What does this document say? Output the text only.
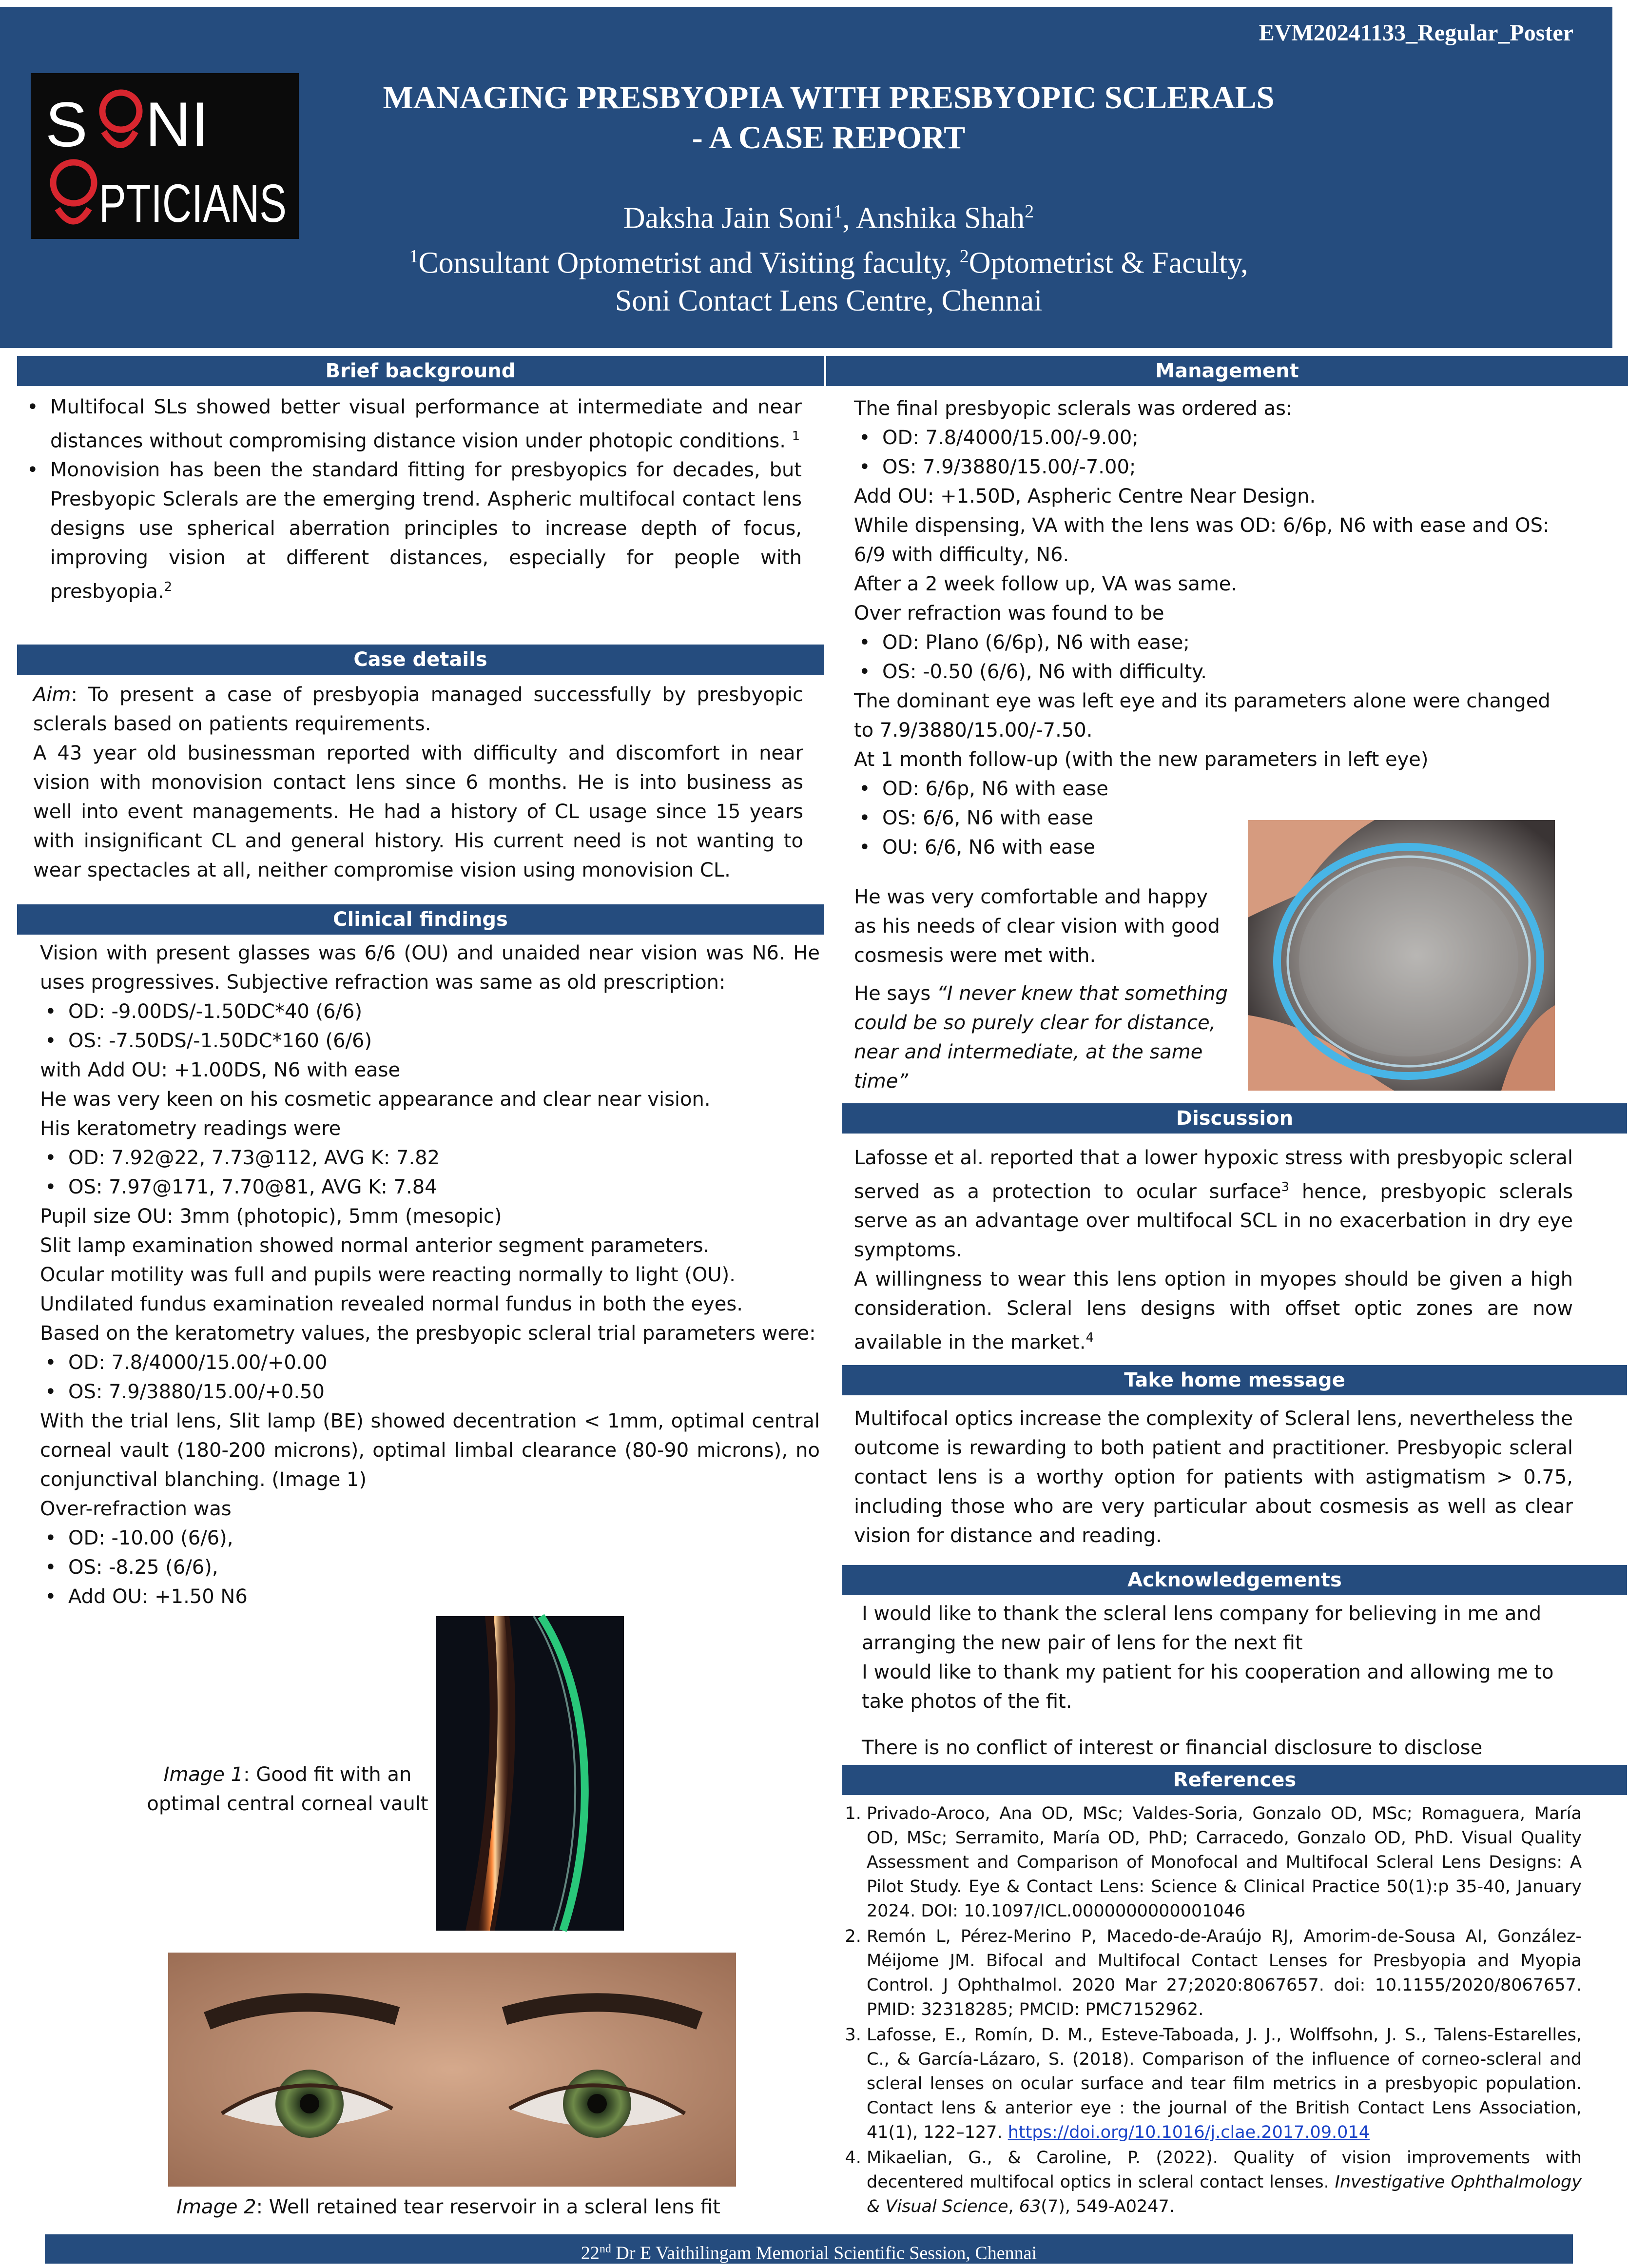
EVM20241133_Regular_Poster
S NI
PTICIANS
MANAGING PRESBYOPIA WITH PRESBYOPIC SCLERALS
- A CASE REPORT
Daksha Jain Soni$^1$, Anshika Shah$^2$
$^1$Consultant Optometrist and Visiting faculty, $^2$Optometrist & Faculty,
Soni Contact Lens Centre, Chennai
Brief background
• Multifocal SLs showed better visual performance at intermediate and near distances without compromising distance vision under photopic conditions. $^1$
• Monovision has been the standard fitting for presbyopics for decades, but Presbyopic Sclerals are the emerging trend. Aspheric multifocal contact lens designs use spherical aberration principles to increase depth of focus, improving vision at different distances, especially for people with presbyopia.$^2$
Case details

Aim: To present a case of presbyopia managed successfully by presbyopic sclerals based on patients requirements.

A 43 year old businessman reported with difficulty and discomfort in near vision with monovision contact lens since 6 months. He is into business as well into event managements. He had a history of CL usage since 15 years with insignificant CL and general history. His current need is not wanting to wear spectacles at all, neither compromise vision using monovision CL.

Clinical findings

Vision with present glasses was 6/6 (OU) and unaided near vision was N6. He uses progressives. Subjective refraction was same as old prescription:

• OD: -9.00DS/-1.50DC*40 (6/6)
• OS: -7.50DS/-1.50DC*160 (6/6)

with Add OU: +1.00DS, N6 with ease

He was very keen on his cosmetic appearance and clear near vision.

His keratometry readings were

• OD: 7.92@22, 7.73@112, AVG K: 7.82
• OS: 7.97@171, 7.70@81, AVG K: 7.84

Pupil size OU: 3mm (photopic), 5mm (mesopic)

Slit lamp examination showed normal anterior segment parameters.

Ocular motility was full and pupils were reacting normally to light (OU).

Undilated fundus examination revealed normal fundus in both the eyes.

Based on the keratometry values, the presbyopic scleral trial parameters were:

• OD: 7.8/4000/15.00/+0.00
• OS: 7.9/3880/15.00/+0.50

With the trial lens, Slit lamp (BE) showed decentration < 1mm, optimal central corneal vault (180-200 microns), optimal limbal clearance (80-90 microns), no conjunctival blanching. (Image 1)

Over-refraction was

• OD: -10.00 (6/6),
• OS: -8.25 (6/6),
• Add OU: +1.50 N6
Image 1: Good fit with an
optimal central corneal vault
Image 2: Well retained tear reservoir in a scleral lens fit
Management

The final presbyopic sclerals was ordered as:

• OD: 7.8/4000/15.00/-9.00;
• OS: 7.9/3880/15.00/-7.00;

Add OU: +1.50D, Aspheric Centre Near Design.

While dispensing, VA with the lens was OD: 6/6p, N6 with ease and OS: 6/9 with difficulty, N6.

After a 2 week follow up, VA was same.

Over refraction was found to be

• OD: Plano (6/6p), N6 with ease;
• OS: -0.50 (6/6), N6 with difficulty.

The dominant eye was left eye and its parameters alone were changed to 7.9/3880/15.00/-7.50.

At 1 month follow-up (with the new parameters in left eye)

• OD: 6/6p, N6 with ease
• OS: 6/6, N6 with ease
• OU: 6/6, N6 with ease

He was very comfortable and happy as his needs of clear vision with good cosmesis were met with.

He says “I never knew that something could be so purely clear for distance, near and intermediate, at the same time”

Discussion

Lafosse et al. reported that a lower hypoxic stress with presbyopic scleral served as a protection to ocular surface$^3$ hence, presbyopic sclerals serve as an advantage over multifocal SCL in no exacerbation in dry eye symptoms.

A willingness to wear this lens option in myopes should be given a high consideration. Scleral lens designs with offset optic zones are now available in the market.$^4$

Take home message

Multifocal optics increase the complexity of Scleral lens, nevertheless the outcome is rewarding to both patient and practitioner. Presbyopic scleral contact lens is a worthy option for patients with astigmatism > 0.75, including those who are very particular about cosmesis as well as clear vision for distance and reading.

Acknowledgements

I would like to thank the scleral lens company for believing in me and arranging the new pair of lens for the next fit

I would like to thank my patient for his cooperation and allowing me to take photos of the fit.

There is no conflict of interest or financial disclosure to disclose

References
1. Privado-Aroco, Ana OD, MSc; Valdes-Soria, Gonzalo OD, MSc; Romaguera, María OD, MSc; Serramito, María OD, PhD; Carracedo, Gonzalo OD, PhD. Visual Quality Assessment and Comparison of Monofocal and Multifocal Scleral Lens Designs: A Pilot Study. Eye & Contact Lens: Science & Clinical Practice 50(1):p 35-40, January 2024. DOI: 10.1097/ICL.0000000000001046
2. Remón L, Pérez-Merino P, Macedo-de-Araújo RJ, Amorim-de-Sousa AI, González-Méijome JM. Bifocal and Multifocal Contact Lenses for Presbyopia and Myopia Control. J Ophthalmol. 2020 Mar 27;2020:8067657. doi: 10.1155/2020/8067657. PMID: 32318285; PMCID: PMC7152962.
3. Lafosse, E., Romín, D. M., Esteve-Taboada, J. J., Wolffsohn, J. S., Talens-Estarelles, C., & García-Lázaro, S. (2018). Comparison of the influence of corneo-scleral and scleral lenses on ocular surface and tear film metrics in a presbyopic population. Contact lens & anterior eye : the journal of the British Contact Lens Association, 41(1), 122–127. https://doi.org/10.1016/j.clae.2017.09.014
4. Mikaelian, G., & Caroline, P. (2022). Quality of vision improvements with decentered multifocal optics in scleral contact lenses. Investigative Ophthalmology & Visual Science, 63(7), 549-A0247.
22nd Dr E Vaithilingam Memorial Scientific Session, Chennai
